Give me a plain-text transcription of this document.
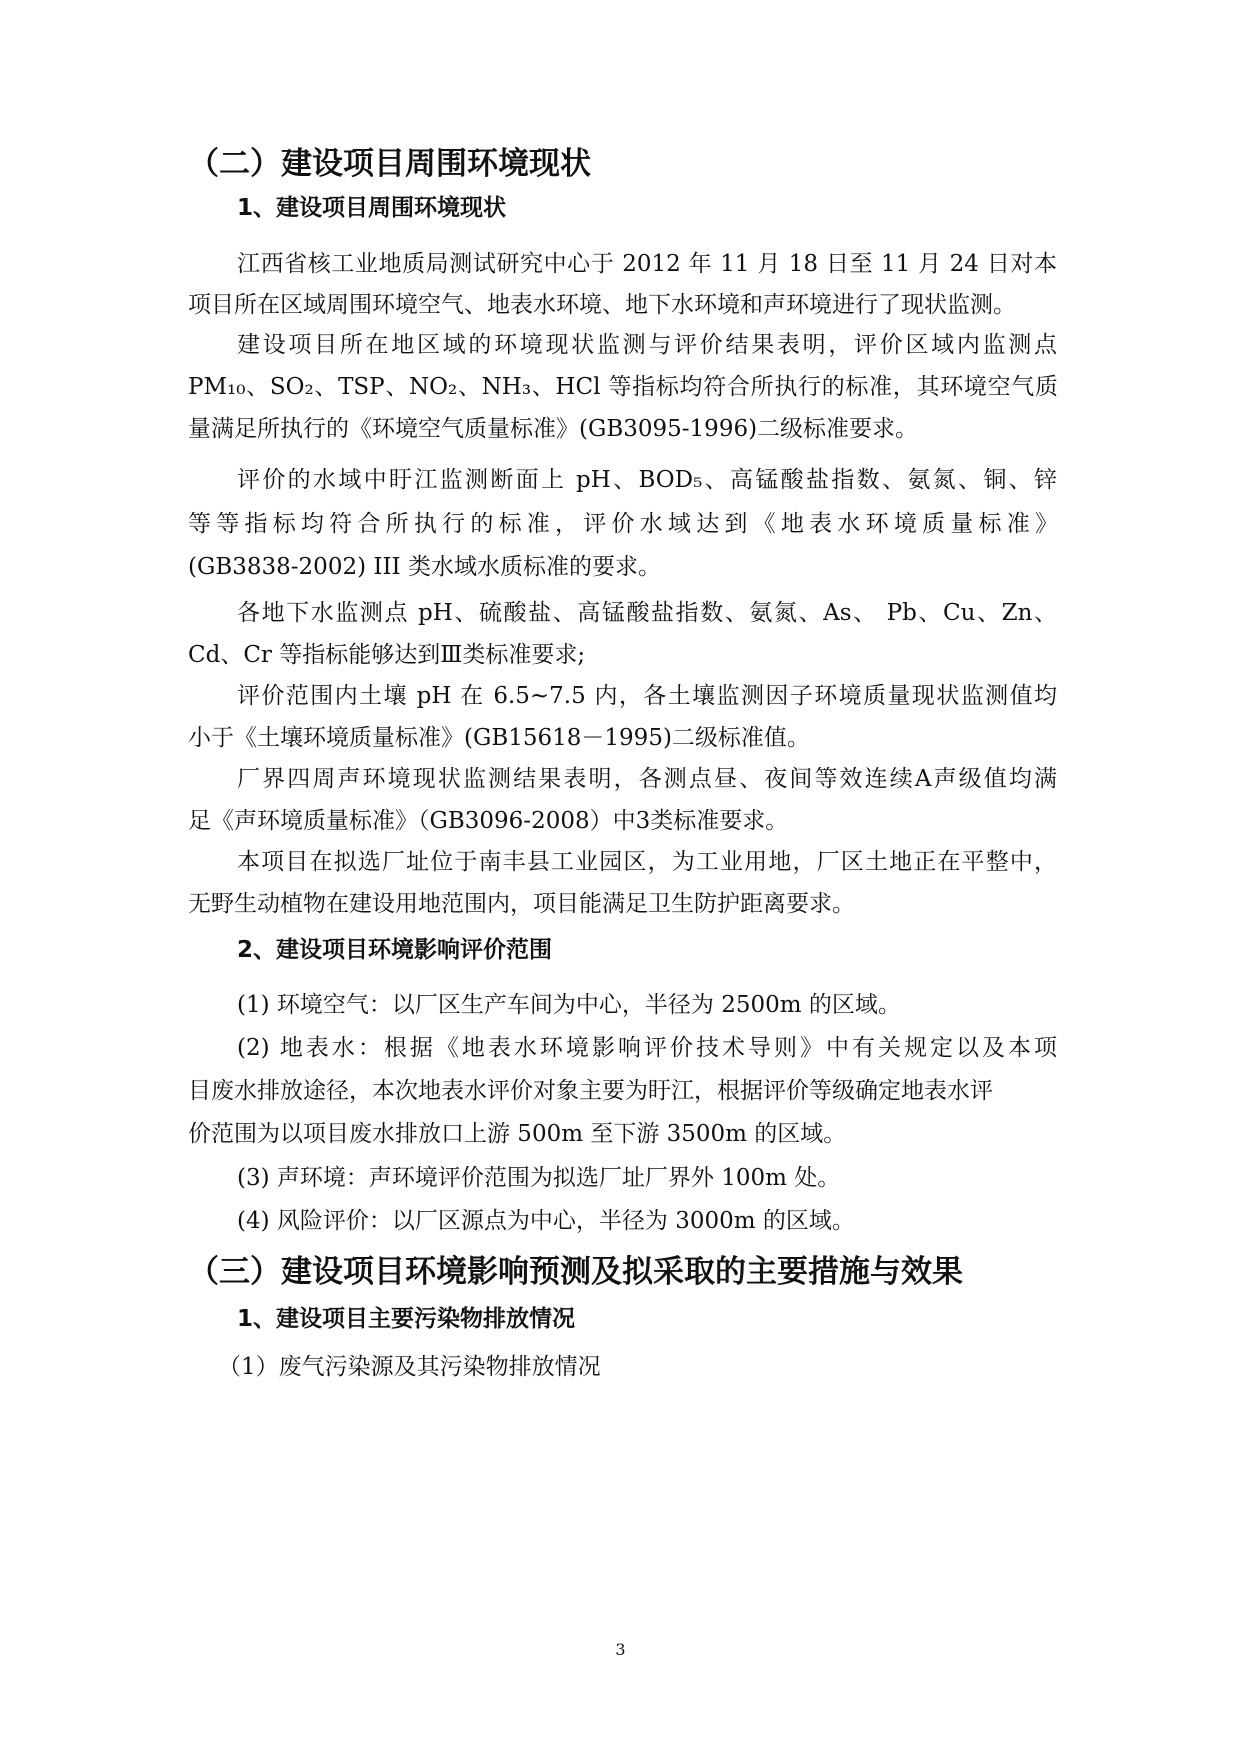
（二）建设项目周围环境现状
1、建设项目周围环境现状
江西省核工业地质局测试研究中心于 2012 年 11 月 18 日至 11 月 24 日对本
项目所在区域周围环境空气、地表水环境、地下水环境和声环境进行了现状监测。
建设项目所在地区域的环境现状监测与评价结果表明，评价区域内监测点
PM₁₀、SO₂、TSP、NO₂、NH₃、HCl 等指标均符合所执行的标准，其环境空气质
量满足所执行的《环境空气质量标准》(GB3095-1996)二级标准要求。
评价的水域中盱江监测断面上 pH、BOD₅、高锰酸盐指数、氨氮、铜、锌
等等指标均符合所执行的标准，评价水域达到《地表水环境质量标准》
(GB3838-2002) III 类水域水质标准的要求。
各地下水监测点 pH、硫酸盐、高锰酸盐指数、氨氮、As、 Pb、Cu、Zn、
Cd、Cr 等指标能够达到Ⅲ类标准要求;
评价范围内土壤 pH 在 6.5~7.5 内，各土壤监测因子环境质量现状监测值均
小于《土壤环境质量标准》(GB15618－1995)二级标准值。
厂界四周声环境现状监测结果表明，各测点昼、夜间等效连续A声级值均满
足《声环境质量标准》（GB3096-2008）中3类标准要求。
本项目在拟选厂址位于南丰县工业园区，为工业用地，厂区土地正在平整中，
无野生动植物在建设用地范围内，项目能满足卫生防护距离要求。
2、建设项目环境影响评价范围
(1) 环境空气：以厂区生产车间为中心，半径为 2500m 的区域。
(2) 地表水：根据《地表水环境影响评价技术导则》中有关规定以及本项
目废水排放途径，本次地表水评价对象主要为盱江，根据评价等级确定地表水评
价范围为以项目废水排放口上游 500m 至下游 3500m 的区域。
(3) 声环境：声环境评价范围为拟选厂址厂界外 100m 处。
(4) 风险评价：以厂区源点为中心，半径为 3000m 的区域。
（三）建设项目环境影响预测及拟采取的主要措施与效果
1、建设项目主要污染物排放情况
（1）废气污染源及其污染物排放情况
3
